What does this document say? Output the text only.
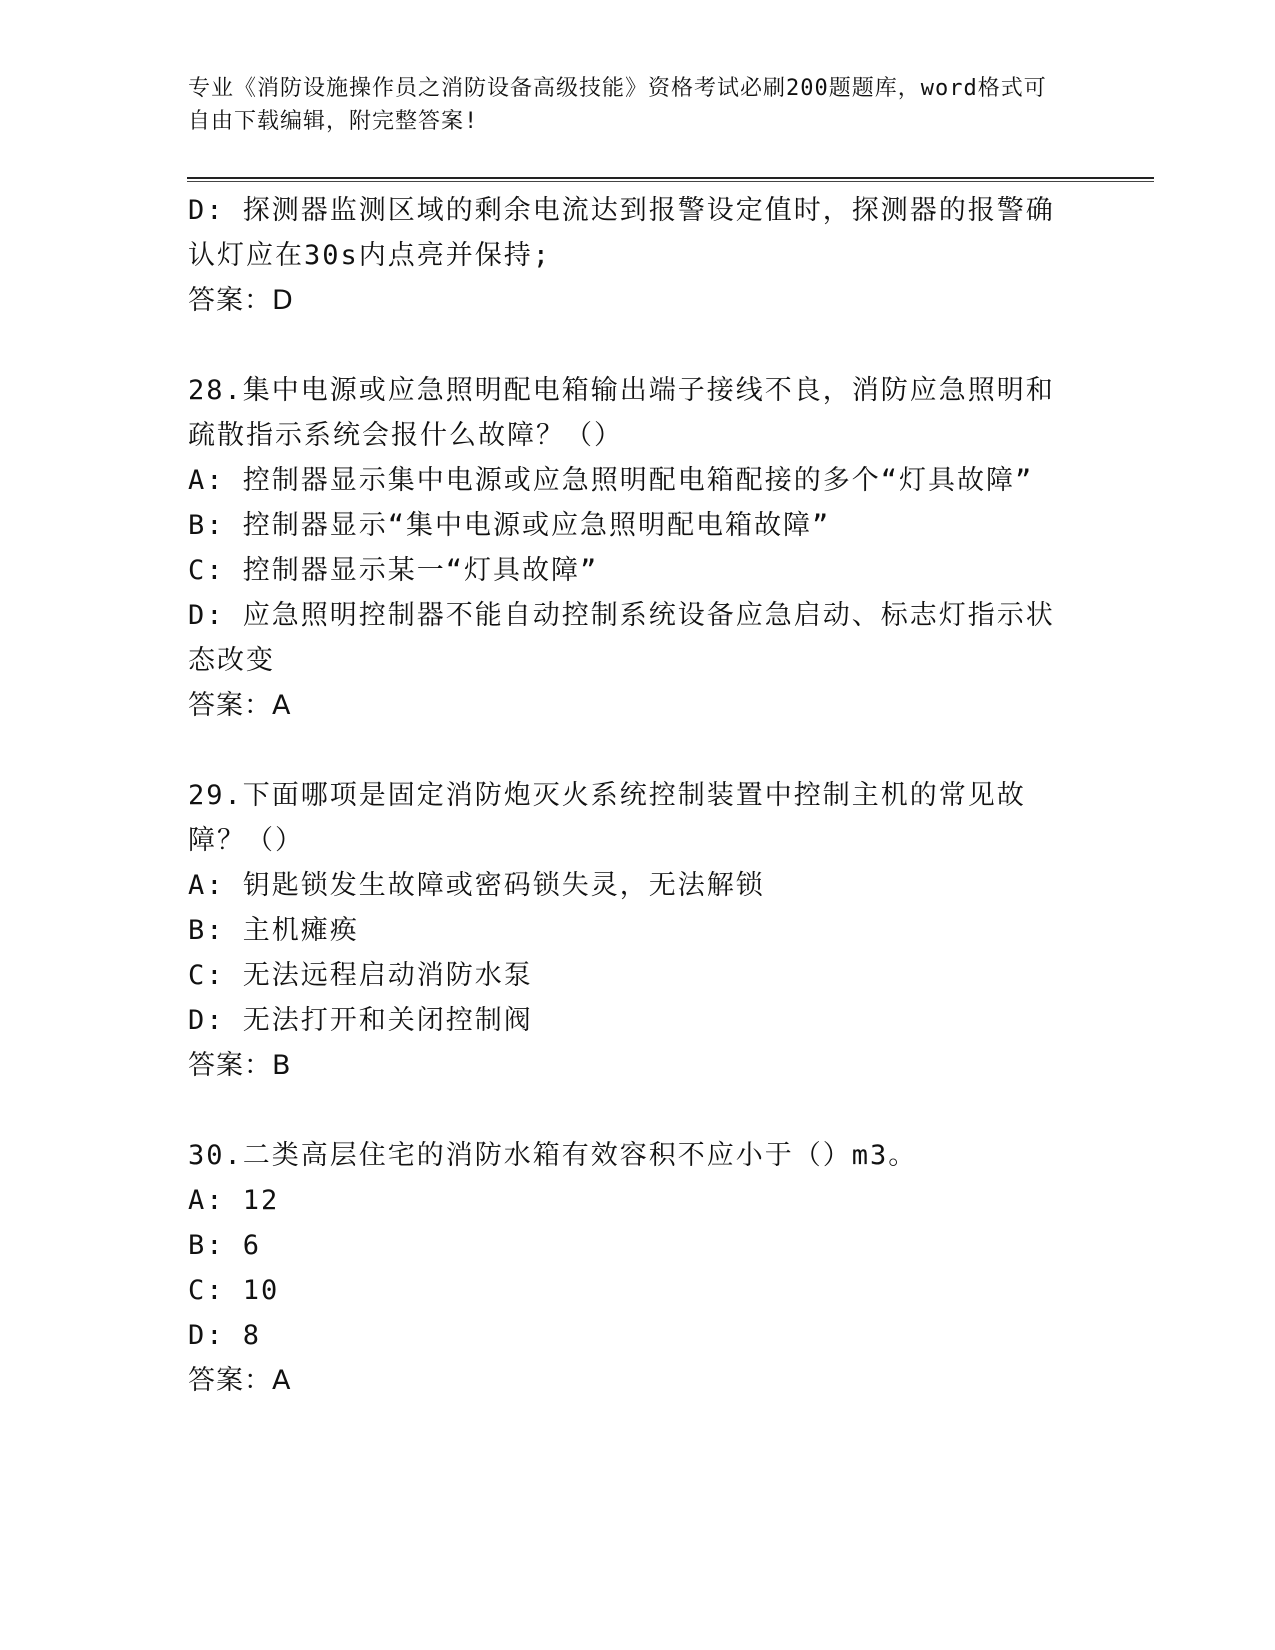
专业《消防设施操作员之消防设备高级技能》资格考试必刷200题题库，word格式可自由下载编辑，附完整答案!
D: 探测器监测区域的剩余电流达到报警设定值时，探测器的报警确认灯应在30s内点亮并保持;
答案：D
28.集中电源或应急照明配电箱输出端子接线不良，消防应急照明和疏散指示系统会报什么故障？（）
A: 控制器显示集中电源或应急照明配电箱配接的多个“灯具故障”
B: 控制器显示“集中电源或应急照明配电箱故障”
C: 控制器显示某一“灯具故障”
D: 应急照明控制器不能自动控制系统设备应急启动、标志灯指示状态改变
答案：A
29.下面哪项是固定消防炮灭火系统控制装置中控制主机的常见故障？（）
A: 钥匙锁发生故障或密码锁失灵，无法解锁
B: 主机瘫痪
C: 无法远程启动消防水泵
D: 无法打开和关闭控制阀
答案：B
30.二类高层住宅的消防水箱有效容积不应小于（）m3。
A: 12
B: 6
C: 10
D: 8
答案：A
